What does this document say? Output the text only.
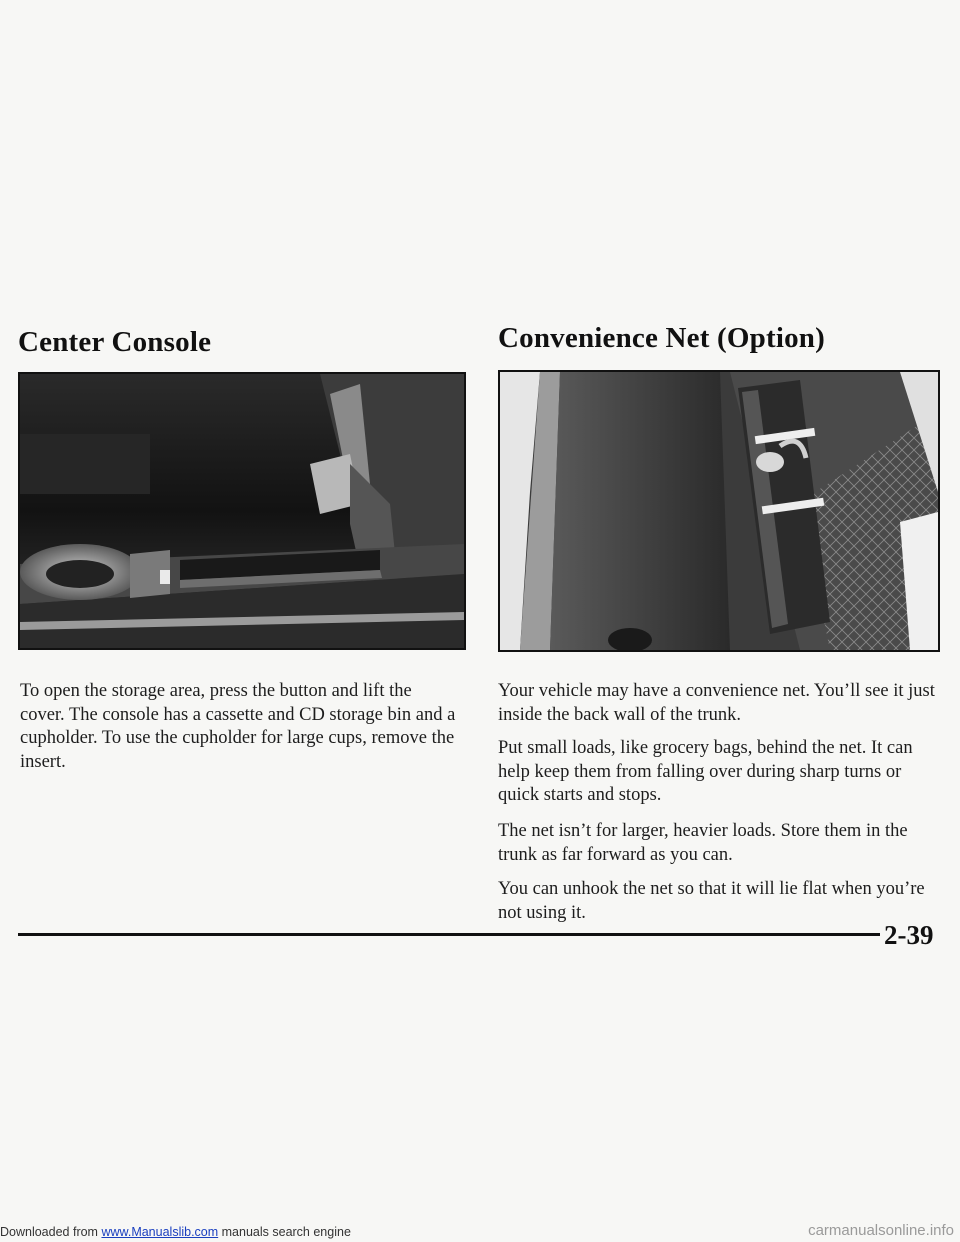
Center Console	Convenience Net (Option)

To open the storage area, press the button and lift the cover. The console has a cassette and CD storage bin and a cupholder. To use the cupholder for large cups, remove the insert.

Your vehicle may have a convenience net. You’ll see it just inside the back wall of the trunk.

Put small loads, like grocery bags, behind the net. It can help keep them from falling over during sharp turns or quick starts and stops.

The net isn’t for larger, heavier loads. Store them in the trunk as far forward as you can.

You can unhook the net so that it will lie flat when you’re not using it.

2-39

Downloaded from www.Manualslib.com manuals search engine	carmanualsonline.info
